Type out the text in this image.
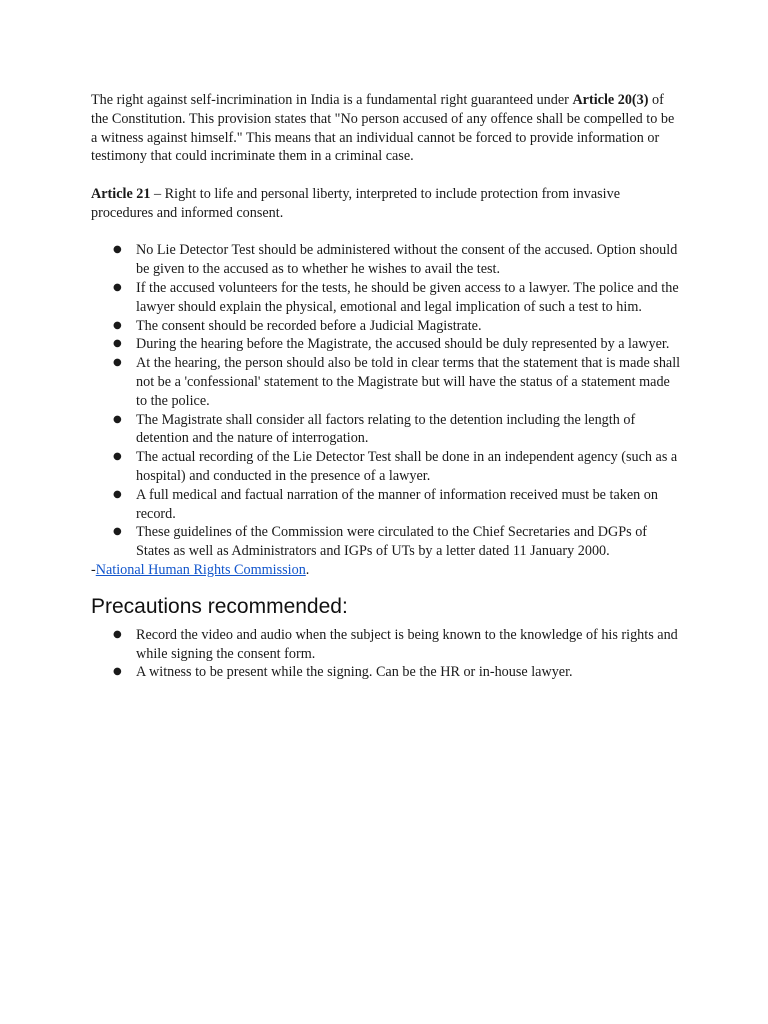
The right against self-incrimination in India is a fundamental right guaranteed under Article 20(3) of the Constitution. This provision states that "No person accused of any offence shall be compelled to be a witness against himself." This means that an individual cannot be forced to provide information or testimony that could incriminate them in a criminal case.

Article 21 – Right to life and personal liberty, interpreted to include protection from invasive procedures and informed consent.

● No Lie Detector Test should be administered without the consent of the accused. Option should be given to the accused as to whether he wishes to avail the test.
● If the accused volunteers for the tests, he should be given access to a lawyer. The police and the lawyer should explain the physical, emotional and legal implication of such a test to him.
● The consent should be recorded before a Judicial Magistrate.
● During the hearing before the Magistrate, the accused should be duly represented by a lawyer.
● At the hearing, the person should also be told in clear terms that the statement that is made shall not be a 'confessional' statement to the Magistrate but will have the status of a statement made to the police.
● The Magistrate shall consider all factors relating to the detention including the length of detention and the nature of interrogation.
● The actual recording of the Lie Detector Test shall be done in an independent agency (such as a hospital) and conducted in the presence of a lawyer.
● A full medical and factual narration of the manner of information received must be taken on record.
● These guidelines of the Commission were circulated to the Chief Secretaries and DGPs of States as well as Administrators and IGPs of UTs by a letter dated 11 January 2000.

-National Human Rights Commission.

Precautions recommended:
● Record the video and audio when the subject is being known to the knowledge of his rights and while signing the consent form.
● A witness to be present while the signing. Can be the HR or in-house lawyer.
